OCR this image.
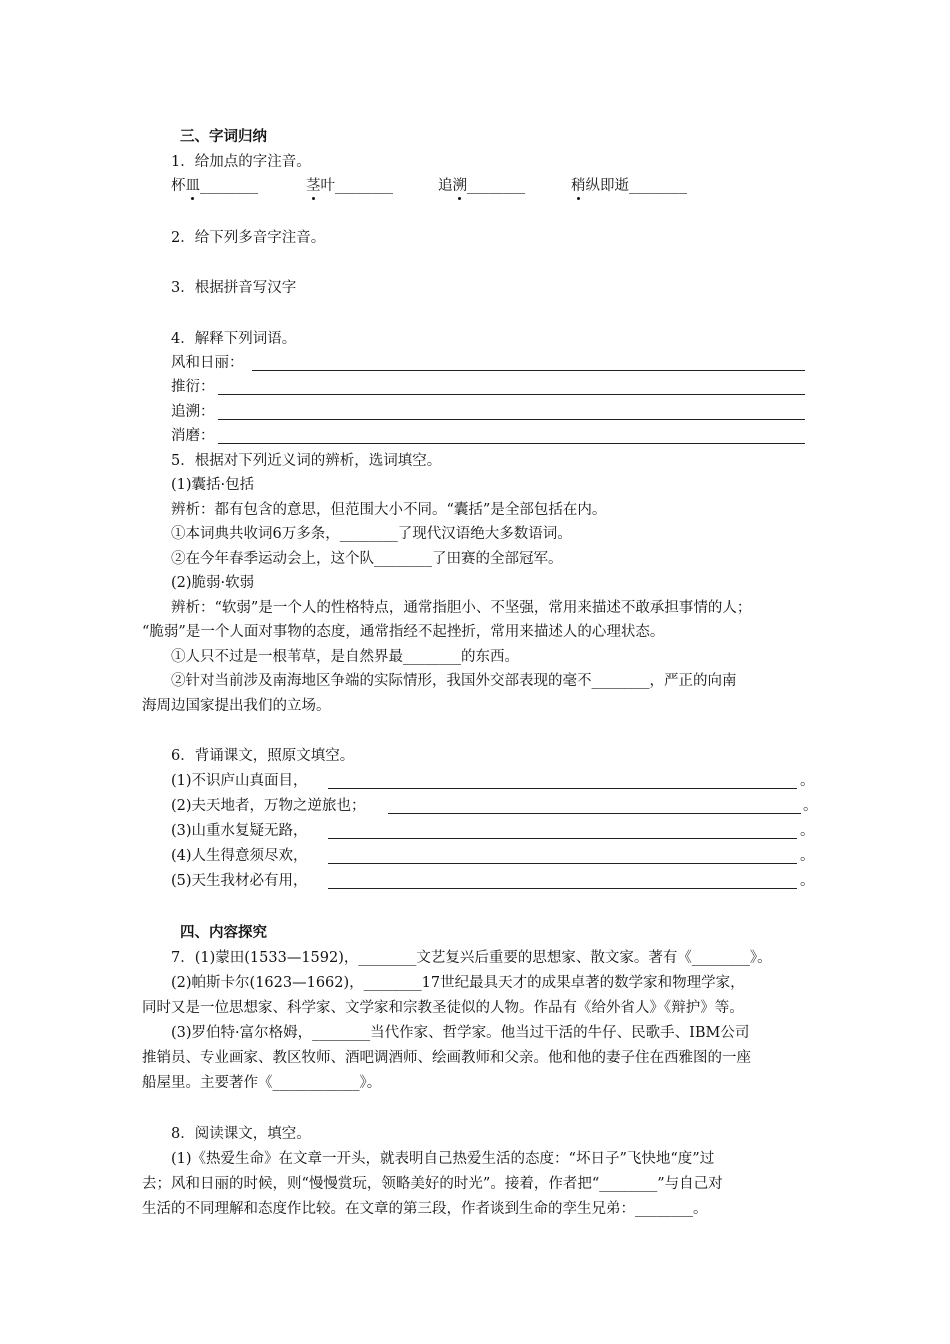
三、字词归纳
1．给加点的字注音。
杯皿________	茎叶________	追溯________	稍纵即逝________
2．给下列多音字注音。
3．根据拼音写汉字
4．解释下列词语。
风和日丽：
推衍：
追溯：
消磨：
5．根据对下列近义词的辨析，选词填空。
(1)囊括·包括
辨析：都有包含的意思，但范围大小不同。“囊括”是全部包括在内。
①本词典共收词6万多条，________了现代汉语绝大多数语词。
②在今年春季运动会上，这个队________了田赛的全部冠军。
(2)脆弱·软弱
辨析：“软弱”是一个人的性格特点，通常指胆小、不坚强，常用来描述不敢承担事情的人；
“脆弱”是一个人面对事物的态度，通常指经不起挫折，常用来描述人的心理状态。
①人只不过是一根苇草，是自然界最________的东西。
②针对当前涉及南海地区争端的实际情形，我国外交部表现的毫不________，严正的向南
海周边国家提出我们的立场。
6．背诵课文，照原文填空。
(1)不识庐山真面目，	。
(2)夫天地者，万物之逆旅也；	。
(3)山重水复疑无路，	。
(4)人生得意须尽欢，	。
(5)天生我材必有用，	。
四、内容探究
7．(1)蒙田(1533—1592)，________文艺复兴后重要的思想家、散文家。著有《________》。
(2)帕斯卡尔(1623—1662)，________17世纪最具天才的成果卓著的数学家和物理学家，
同时又是一位思想家、科学家、文学家和宗教圣徒似的人物。作品有《给外省人》《辩护》等。
(3)罗伯特·富尔格姆，________当代作家、哲学家。他当过干活的牛仔、民歌手、IBM公司
推销员、专业画家、教区牧师、酒吧调酒师、绘画教师和父亲。他和他的妻子住在西雅图的一座
船屋里。主要著作《____________》。
8．阅读课文，填空。
(1)《热爱生命》在文章一开头，就表明自己热爱生活的态度：“坏日子”飞快地“度”过
去；风和日丽的时候，则“慢慢赏玩，领略美好的时光”。接着，作者把“________”与自己对
生活的不同理解和态度作比较。在文章的第三段，作者谈到生命的孪生兄弟：________。
